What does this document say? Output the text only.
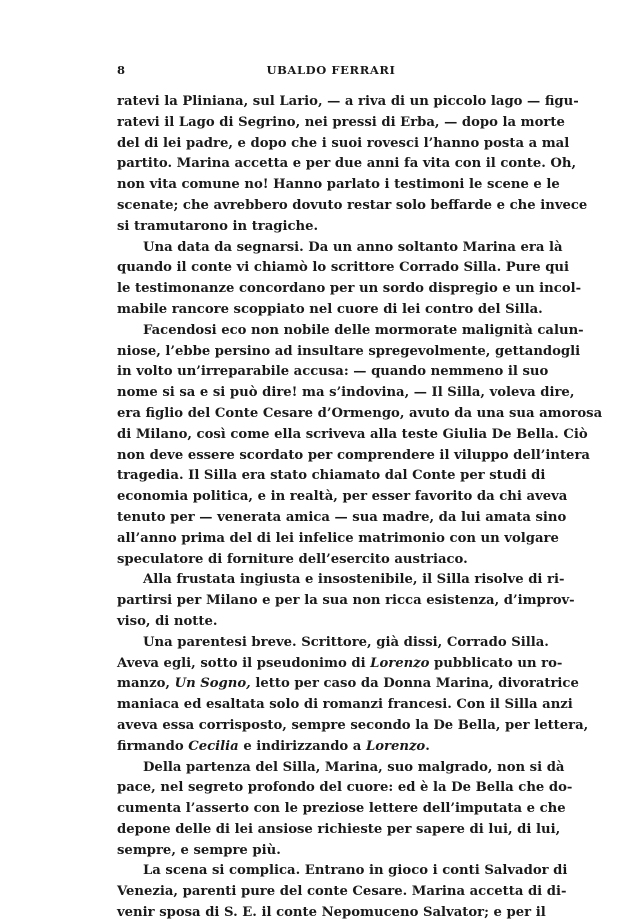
8	UBALDO FERRARI
ratevi la Pliniana, sul Lario, — a riva di un piccolo lago — figu-
ratevi il Lago di Segrino, nei pressi di Erba, — dopo la morte
del di lei padre, e dopo che i suoi rovesci l’hanno posta a mal
partito. Marina accetta e per due anni fa vita con il conte. Oh,
non vita comune no! Hanno parlato i testimoni le scene e le
scenate; che avrebbero dovuto restar solo beffarde e che invece
si tramutarono in tragiche.
Una data da segnarsi. Da un anno soltanto Marina era là
quando il conte vi chiamò lo scrittore Corrado Silla. Pure qui
le testimonanze concordano per un sordo dispregio e un incol-
mabile rancore scoppiato nel cuore di lei contro del Silla.
Facendosi eco non nobile delle mormorate malignità calun-
niose, l’ebbe persino ad insultare spregevolmente, gettandogli
in volto un’irreparabile accusa: — quando nemmeno il suo
nome si sa e si può dire! ma s’indovina, — Il Silla, voleva dire,
era figlio del Conte Cesare d’Ormengo, avuto da una sua amorosa
di Milano, così come ella scriveva alla teste Giulia De Bella. Ciò
non deve essere scordato per comprendere il viluppo dell’intera
tragedia. Il Silla era stato chiamato dal Conte per studi di
economia politica, e in realtà, per esser favorito da chi aveva
tenuto per — venerata amica — sua madre, da lui amata sino
all’anno prima del di lei infelice matrimonio con un volgare
speculatore di forniture dell’esercito austriaco.
Alla frustata ingiusta e insostenibile, il Silla risolve di ri-
partirsi per Milano e per la sua non ricca esistenza, d’improv-
viso, di notte.
Una parentesi breve. Scrittore, già dissi, Corrado Silla.
Aveva egli, sotto il pseudonimo di Lorenzo pubblicato un ro-
manzo, Un Sogno, letto per caso da Donna Marina, divoratrice
maniaca ed esaltata solo di romanzi francesi. Con il Silla anzi
aveva essa corrisposto, sempre secondo la De Bella, per lettera,
firmando Cecilia e indirizzando a Lorenzo.
Della partenza del Silla, Marina, suo malgrado, non si dà
pace, nel segreto profondo del cuore: ed è la De Bella che do-
cumenta l’asserto con le preziose lettere dell’imputata e che
depone delle di lei ansiose richieste per sapere di lui, di lui,
sempre, e sempre più.
La scena si complica. Entrano in gioco i conti Salvador di
Venezia, parenti pure del conte Cesare. Marina accetta di di-
venir sposa di S. E. il conte Nepomuceno Salvator; e per il
